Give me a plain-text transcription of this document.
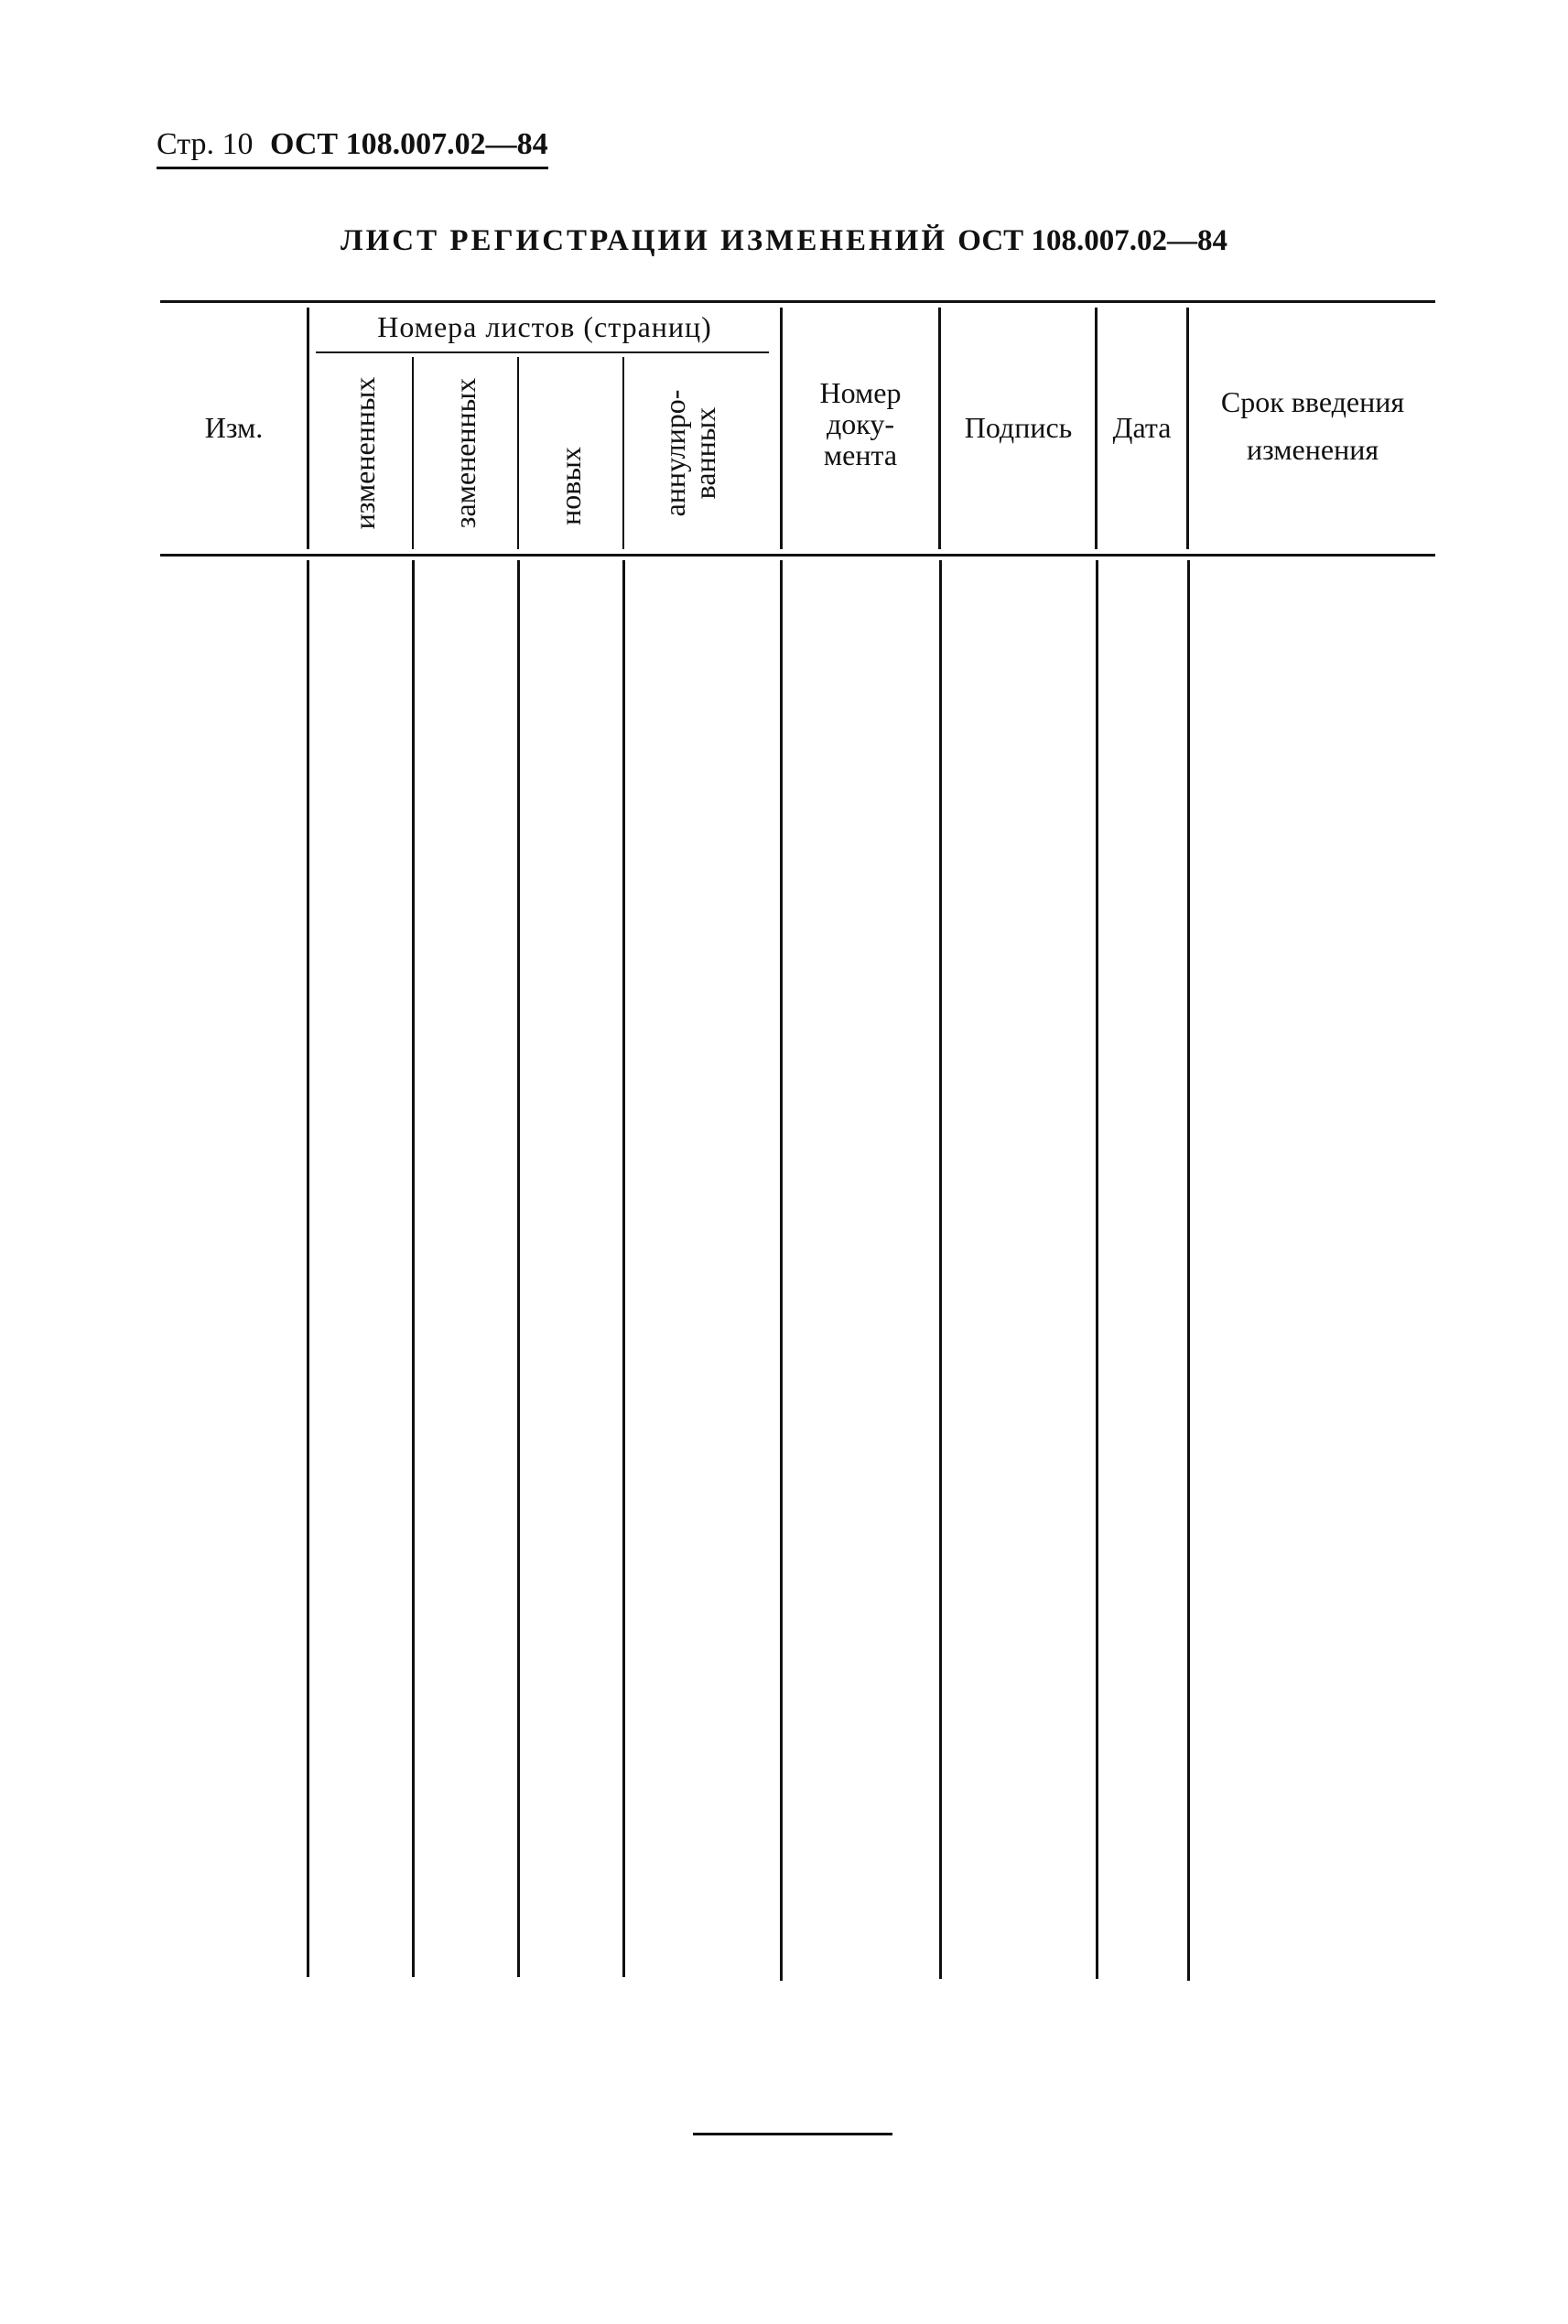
Стр. 10 ОСТ 108.007.02—84
ЛИСТ РЕГИСТРАЦИИ ИЗМЕНЕНИЙ ОСТ 108.007.02—84
Изм.
Номера листов (страниц)
измененных замененных новых аннулиро-
ванных
Номер
доку-
мента
Подпись	Дата
Срок введения
изменения
